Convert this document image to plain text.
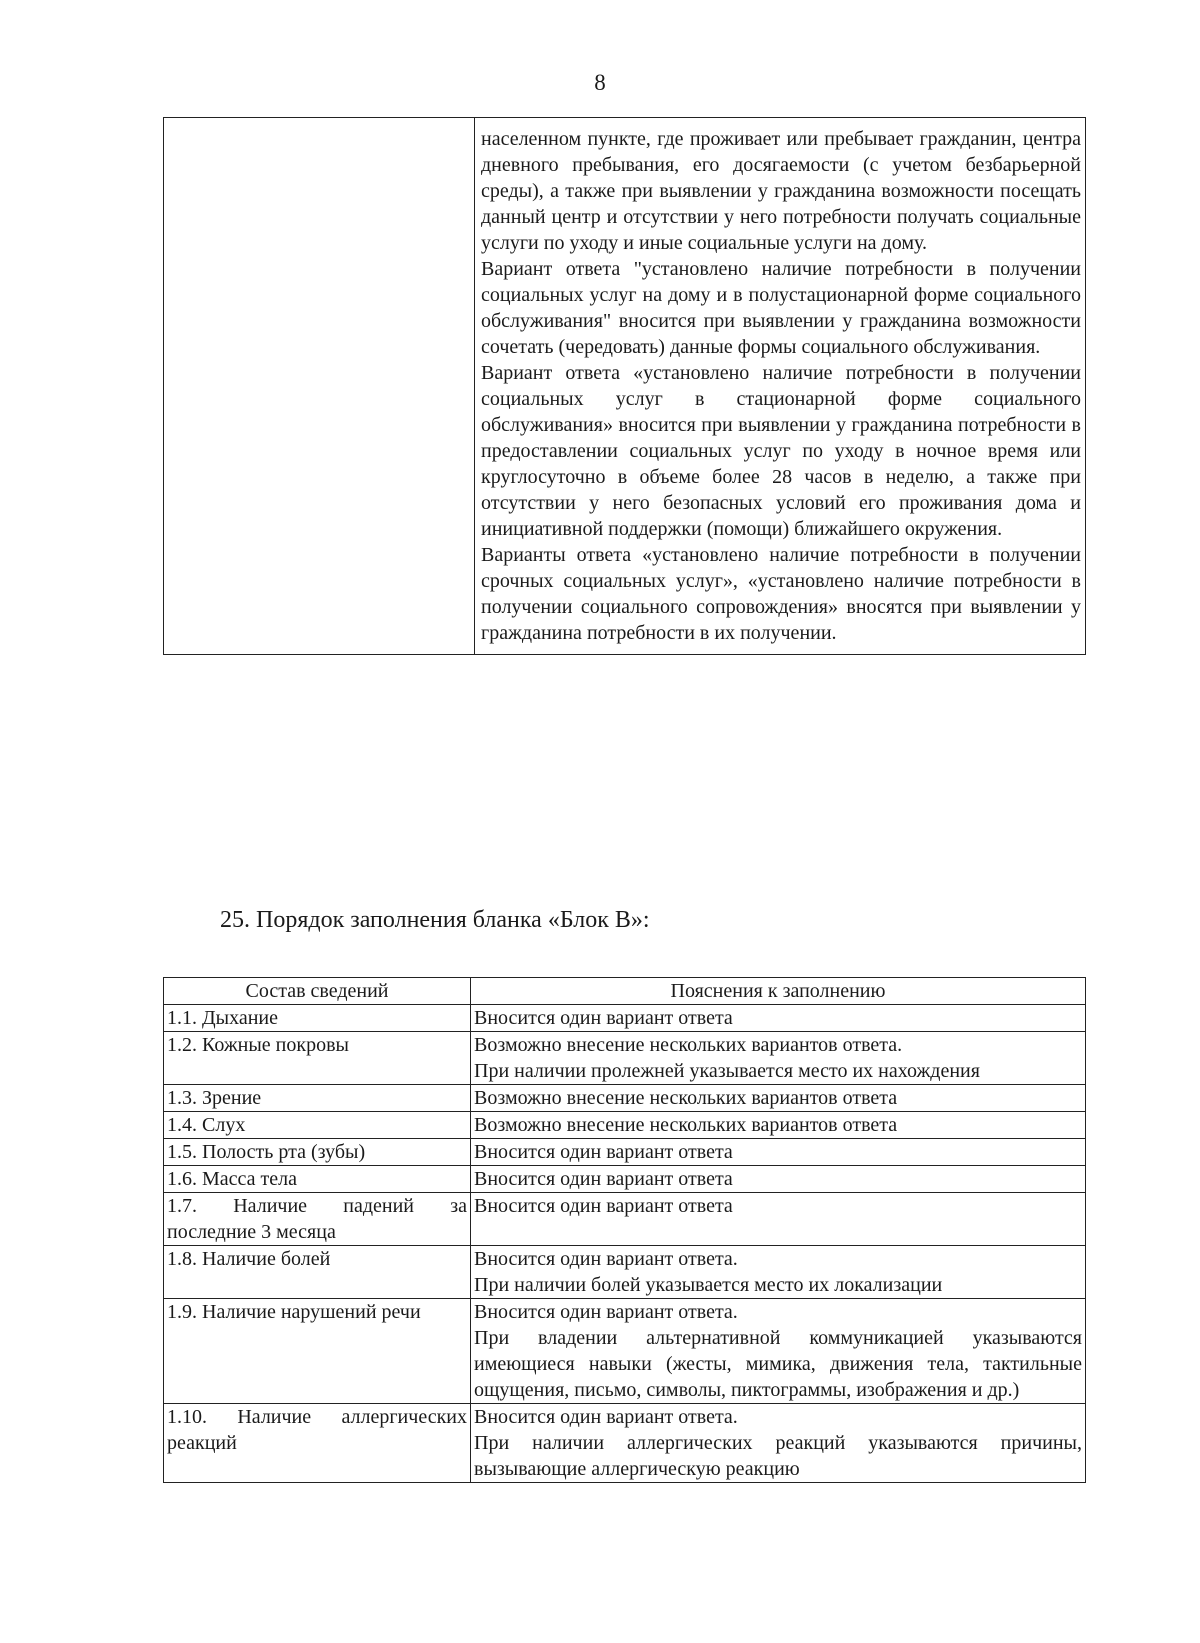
8

населенном пункте, где проживает или пребывает гражданин, центра дневного пребывания, его досягаемости (с учетом безбарьерной среды), а также при выявлении у гражданина возможности посещать данный центр и отсутствии у него потребности получать социальные услуги по уходу и иные социальные услуги на дому.

Вариант ответа "установлено наличие потребности в получении социальных услуг на дому и в полустационарной форме социального обслуживания" вносится при выявлении у гражданина возможности сочетать (чередовать) данные формы социального обслуживания.

Вариант ответа «установлено наличие потребности в получении социальных услуг в стационарной форме социального обслуживания» вносится при выявлении у гражданина потребности в предоставлении социальных услуг по уходу в ночное время или круглосуточно в объеме более 28 часов в неделю, а также при отсутствии у него безопасных условий его проживания дома и инициативной поддержки (помощи) ближайшего окружения.

Варианты ответа «установлено наличие потребности в получении срочных социальных услуг», «установлено наличие потребности в получении социального сопровождения» вносятся при выявлении у гражданина потребности в их получении.

25. Порядок заполнения бланка «Блок В»:
Состав сведений	Пояснения к заполнению
1.1. Дыхание	Вносится один вариант ответа

1.2. Кожные покровы	Возможно внесение нескольких вариантов ответа.

При наличии пролежней указывается место их нахождения

1.3. Зрение	Возможно внесение нескольких вариантов ответа

1.4. Слух	Возможно внесение нескольких вариантов ответа

1.5. Полость рта (зубы)	Вносится один вариант ответа

1.6. Масса тела	Вносится один вариант ответа

1.7. Наличие падений за последние 3 месяца	Вносится один вариант ответа

1.8. Наличие болей	Вносится один вариант ответа.

При наличии болей указывается место их локализации

1.9. Наличие нарушений речи	Вносится один вариант ответа.

При владении альтернативной коммуникацией указываются имеющиеся навыки (жесты, мимика, движения тела, тактильные ощущения, письмо, символы, пиктограммы, изображения и др.)

1.10. Наличие аллергических реакций	Вносится один вариант ответа.

При наличии аллергических реакций указываются причины, вызывающие аллергическую реакцию
